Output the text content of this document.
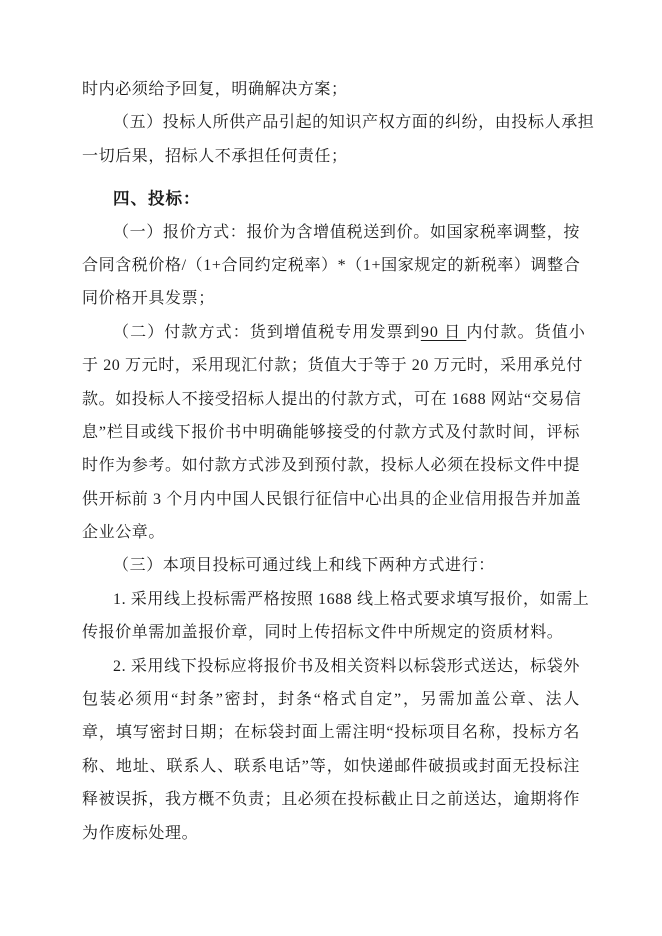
时内必须给予回复，明确解决方案；
（五）投标人所供产品引起的知识产权方面的纠纷，由投标人承担
一切后果，招标人不承担任何责任；
四、投标：
（一）报价方式：报价为含增值税送到价。如国家税率调整，按
合同含税价格/（1+合同约定税率）*（1+国家规定的新税率）调整合
同价格开具发票；
（二）付款方式：货到增值税专用发票到90 日 内付款。货值小
于 20 万元时，采用现汇付款；货值大于等于 20 万元时，采用承兑付
款。如投标人不接受招标人提出的付款方式，可在 1688 网站“交易信
息”栏目或线下报价书中明确能够接受的付款方式及付款时间，评标
时作为参考。如付款方式涉及到预付款，投标人必须在投标文件中提
供开标前 3 个月内中国人民银行征信中心出具的企业信用报告并加盖
企业公章。
（三）本项目投标可通过线上和线下两种方式进行：
1. 采用线上投标需严格按照 1688 线上格式要求填写报价，如需上
传报价单需加盖报价章，同时上传招标文件中所规定的资质材料。
2. 采用线下投标应将报价书及相关资料以标袋形式送达，标袋外
包装必须用“封条”密封，封条“格式自定”，另需加盖公章、法人
章，填写密封日期；在标袋封面上需注明“投标项目名称，投标方名
称、地址、联系人、联系电话”等，如快递邮件破损或封面无投标注
释被误拆，我方概不负责；且必须在投标截止日之前送达，逾期将作
为作废标处理。
